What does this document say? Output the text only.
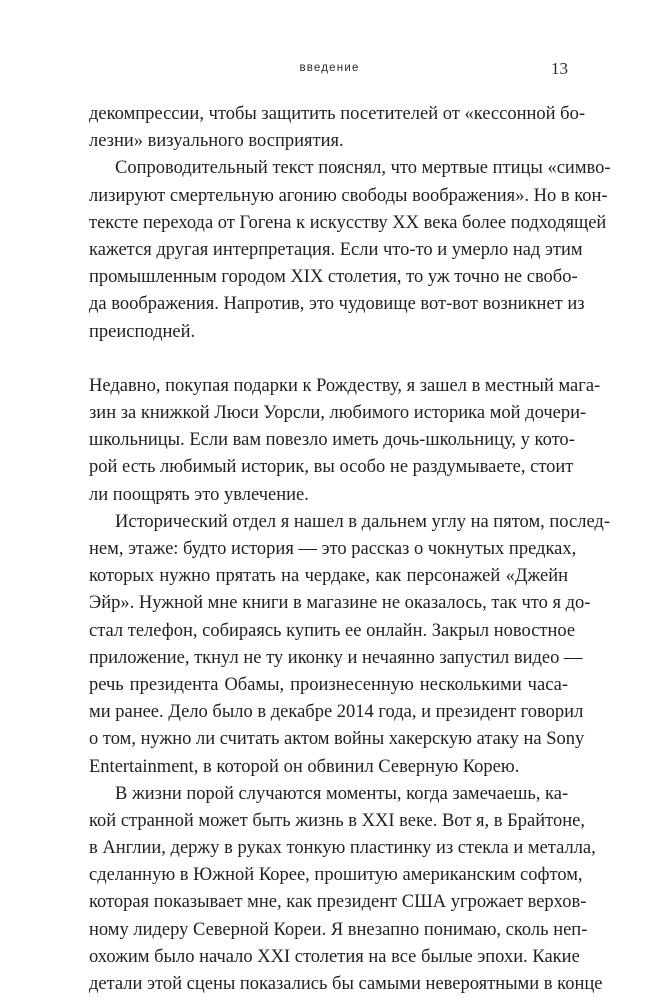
введение	13
декомпрессии, чтобы защитить посетителей от «кессонной бо-
лезни» визуального восприятия.
Сопроводительный текст пояснял, что мертвые птицы «симво-
лизируют смертельную агонию свободы воображения». Но в кон-
тексте перехода от Гогена к искусству XX века более подходящей
кажется другая интерпретация. Если что-то и умерло над этим
промышленным городом XIX столетия, то уж точно не свобо-
да воображения. Напротив, это чудовище вот-вот возникнет из
преисподней.
Недавно, покупая подарки к Рождеству, я зашел в местный мага-
зин за книжкой Люси Уорсли, любимого историка мой дочери-
школьницы. Если вам повезло иметь дочь-школьницу, у кото-
рой есть любимый историк, вы особо не раздумываете, стоит
ли поощрять это увлечение.
Исторический отдел я нашел в дальнем углу на пятом, послед-
нем, этаже: будто история — это рассказ о чокнутых предках,
которых нужно прятать на чердаке, как персонажей «Джейн
Эйр». Нужной мне книги в магазине не оказалось, так что я до-
стал телефон, собираясь купить ее онлайн. Закрыл новостное
приложение, ткнул не ту иконку и нечаянно запустил видео —
речь президента Обамы, произнесенную несколькими часа-
ми ранее. Дело было в декабре 2014 года, и президент говорил
о том, нужно ли считать актом войны хакерскую атаку на Sony
Entertainment, в которой он обвинил Северную Корею.
В жизни порой случаются моменты, когда замечаешь, ка-
кой странной может быть жизнь в XXI веке. Вот я, в Брайтоне,
в Англии, держу в руках тонкую пластинку из стекла и металла,
сделанную в Южной Корее, прошитую американским софтом,
которая показывает мне, как президент США угрожает верхов-
ному лидеру Северной Кореи. Я внезапно понимаю, сколь неп-
охожим было начало XXI столетия на все былые эпохи. Какие
детали этой сцены показались бы самыми невероятными в конце
